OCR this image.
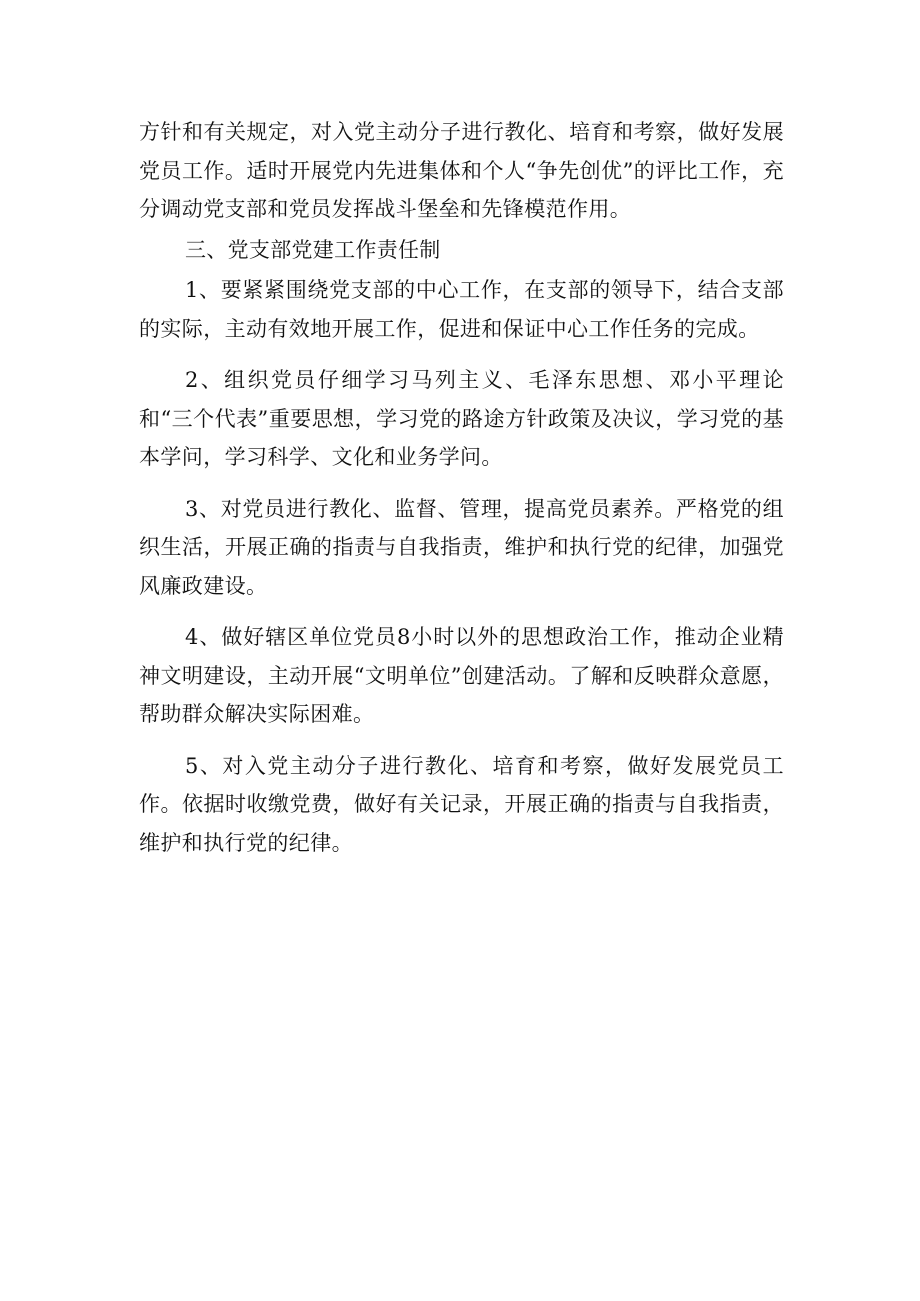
方针和有关规定，对入党主动分子进行教化、培育和考察，做好发展党员工作。适时开展党内先进集体和个人“争先创优”的评比工作，充分调动党支部和党员发挥战斗堡垒和先锋模范作用。

三、党支部党建工作责任制

1、要紧紧围绕党支部的中心工作，在支部的领导下，结合支部的实际，主动有效地开展工作，促进和保证中心工作任务的完成。

2、组织党员仔细学习马列主义、毛泽东思想、邓小平理论和“三个代表”重要思想，学习党的路途方针政策及决议，学习党的基本学问，学习科学、文化和业务学问。

3、对党员进行教化、监督、管理，提高党员素养。严格党的组织生活，开展正确的指责与自我指责，维护和执行党的纪律，加强党风廉政建设。

4、做好辖区单位党员8小时以外的思想政治工作，推动企业精神文明建设，主动开展“文明单位”创建活动。了解和反映群众意愿，帮助群众解决实际困难。

5、对入党主动分子进行教化、培育和考察，做好发展党员工作。依据时收缴党费，做好有关记录，开展正确的指责与自我指责，维护和执行党的纪律。
